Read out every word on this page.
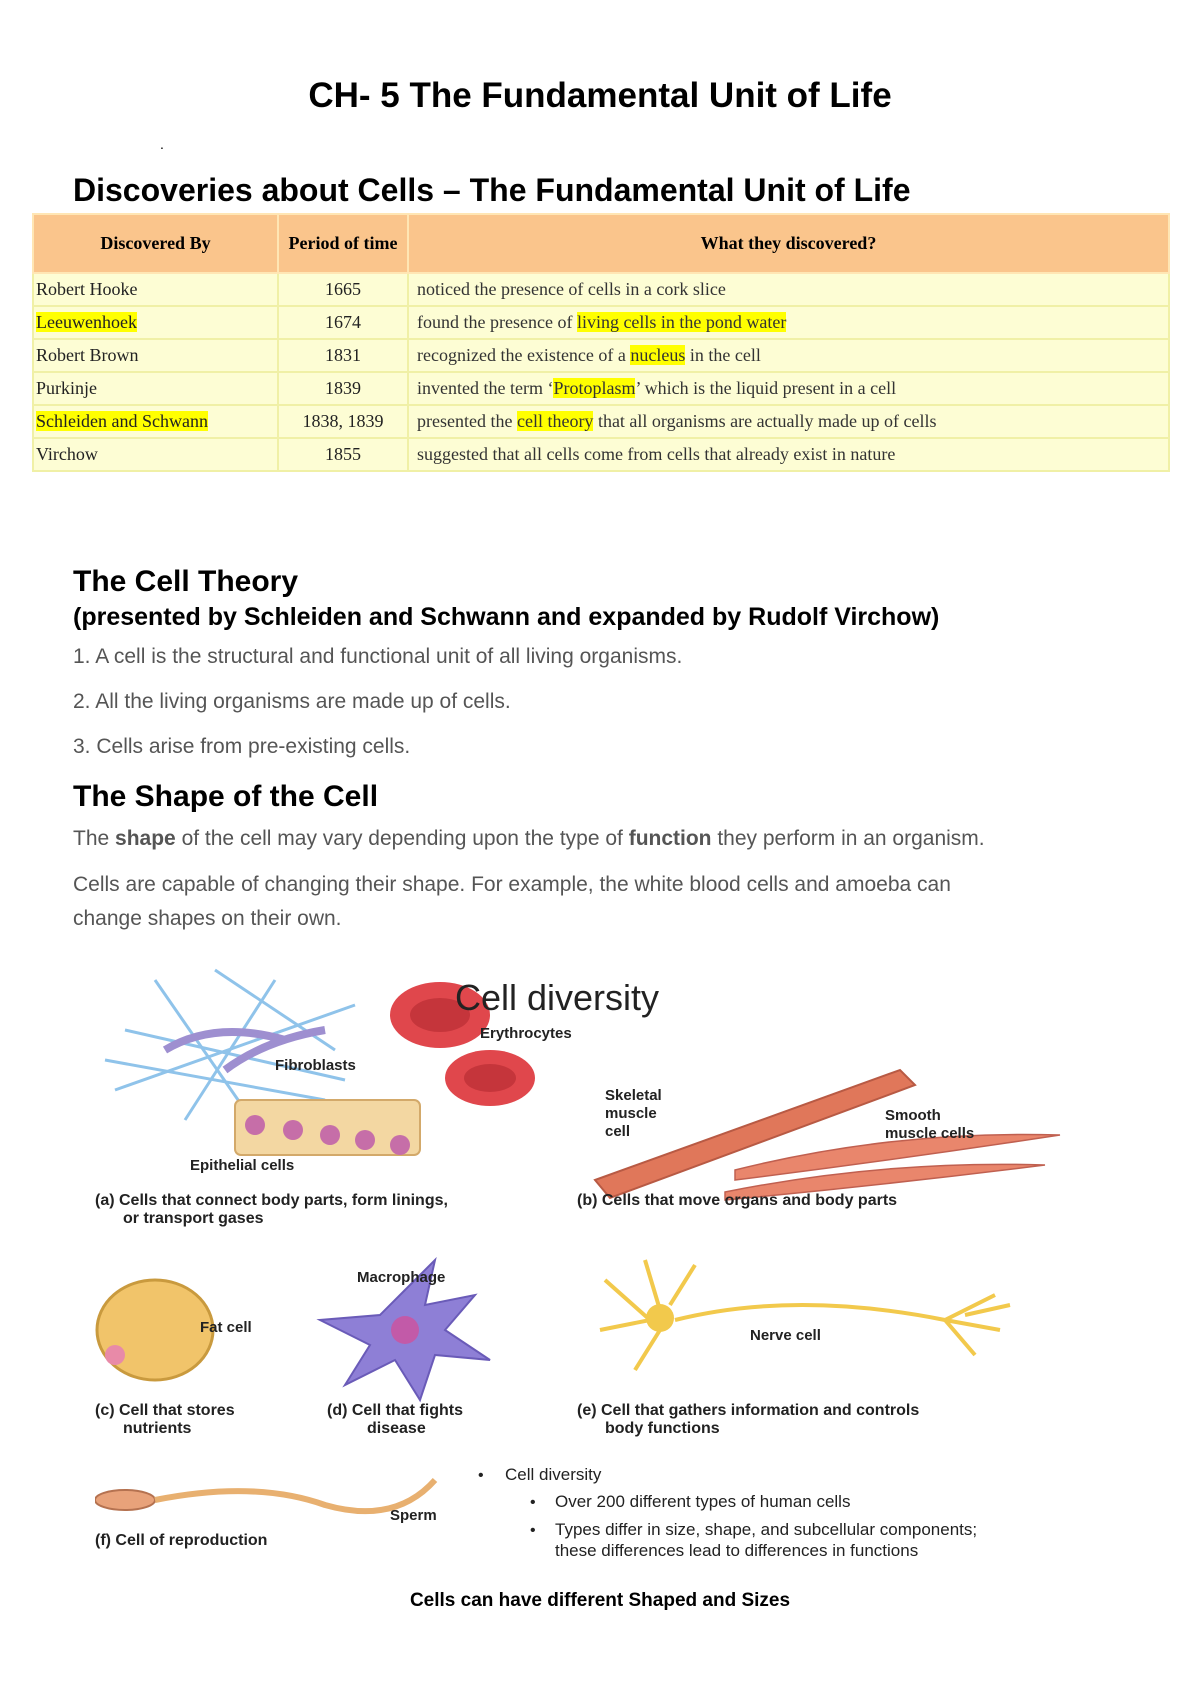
CH- 5 The Fundamental Unit of Life
.
Discoveries about Cells – The Fundamental Unit of Life
Discovered By	Period of time	What they discovered?
Robert Hooke	1665	noticed the presence of cells in a cork slice
Leeuwenhoek	1674	found the presence of living cells in the pond water
Robert Brown	1831	recognized the existence of a nucleus in the cell
Purkinje	1839	invented the term ‘Protoplasm’ which is the liquid present in a cell
Schleiden and Schwann	1838, 1839	presented the cell theory that all organisms are actually made up of cells
Virchow	1855	suggested that all cells come from cells that already exist in nature
The Cell Theory
(presented by Schleiden and Schwann and expanded by Rudolf Virchow)
1. A cell is the structural and functional unit of all living organisms.
2. All the living organisms are made up of cells.
3. Cells arise from pre-existing cells.
The Shape of the Cell
The shape of the cell may vary depending upon the type of function they perform in an organism.
Cells are capable of changing their shape. For example, the white blood cells and amoeba can
change shapes on their own.
Fibroblasts
Cell diversity
Erythrocytes
Epithelial cells
(a) Cells that connect body parts, form linings,
or transport gases
Skeletal
muscle
cell
Smooth
muscle cells
(b) Cells that move organs and body parts
Fat cell
(c) Cell that stores
nutrients
Macrophage
(d) Cell that fights
disease
Nerve cell
(e) Cell that gathers information and controls
body functions
Sperm
(f) Cell of reproduction
• Cell diversity
• Over 200 different types of human cells
• Types differ in size, shape, and subcellular components;
these differences lead to differences in functions
Cells can have different Shaped and Sizes
